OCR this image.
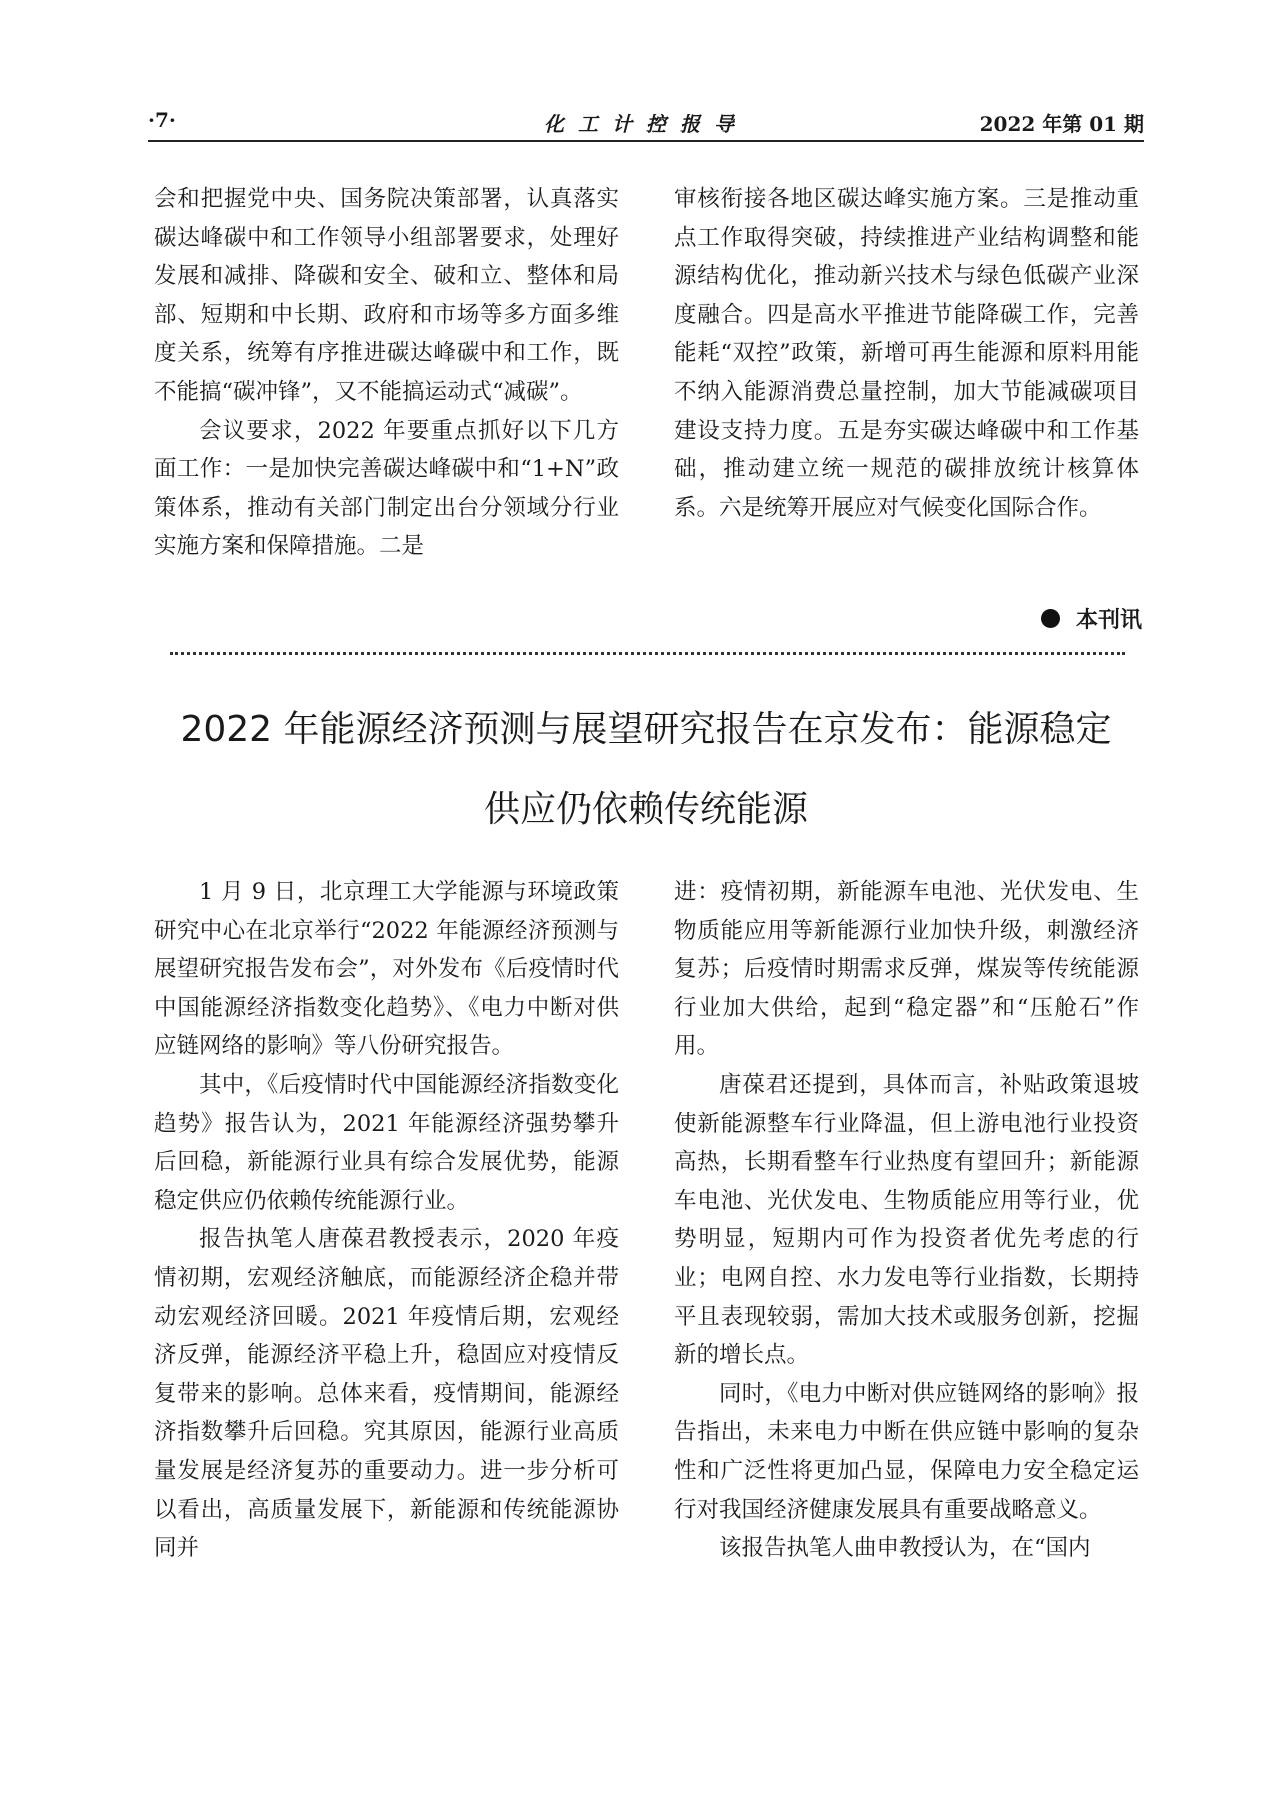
·7·	化工计控报导	2022 年第 01 期

会和把握党中央、国务院决策部署，认真落实碳达峰碳中和工作领导小组部署要求，处理好发展和减排、降碳和安全、破和立、整体和局部、短期和中长期、政府和市场等多方面多维度关系，统筹有序推进碳达峰碳中和工作，既不能搞“碳冲锋”，又不能搞运动式“减碳”。

会议要求，2022 年要重点抓好以下几方面工作：一是加快完善碳达峰碳中和“1+N”政策体系，推动有关部门制定出台分领域分行业实施方案和保障措施。二是

审核衔接各地区碳达峰实施方案。三是推动重点工作取得突破，持续推进产业结构调整和能源结构优化，推动新兴技术与绿色低碳产业深度融合。四是高水平推进节能降碳工作，完善能耗“双控”政策，新增可再生能源和原料用能不纳入能源消费总量控制，加大节能减碳项目建设支持力度。五是夯实碳达峰碳中和工作基础，推动建立统一规范的碳排放统计核算体系。六是统筹开展应对气候变化国际合作。

本刊讯
2022 年能源经济预测与展望研究报告在京发布：能源稳定
供应仍依赖传统能源

1 月 9 日，北京理工大学能源与环境政策研究中心在北京举行“2022 年能源经济预测与展望研究报告发布会”，对外发布《后疫情时代中国能源经济指数变化趋势》、《电力中断对供应链网络的影响》等八份研究报告。

其中，《后疫情时代中国能源经济指数变化趋势》报告认为，2021 年能源经济强势攀升后回稳，新能源行业具有综合发展优势，能源稳定供应仍依赖传统能源行业。

报告执笔人唐葆君教授表示，2020 年疫情初期，宏观经济触底，而能源经济企稳并带动宏观经济回暖。2021 年疫情后期，宏观经济反弹，能源经济平稳上升，稳固应对疫情反复带来的影响。总体来看，疫情期间，能源经济指数攀升后回稳。究其原因，能源行业高质量发展是经济复苏的重要动力。进一步分析可以看出，高质量发展下，新能源和传统能源协同并

进：疫情初期，新能源车电池、光伏发电、生物质能应用等新能源行业加快升级，刺激经济复苏；后疫情时期需求反弹，煤炭等传统能源行业加大供给，起到“稳定器”和“压舱石”作用。

唐葆君还提到，具体而言，补贴政策退坡使新能源整车行业降温，但上游电池行业投资高热，长期看整车行业热度有望回升；新能源车电池、光伏发电、生物质能应用等行业，优势明显，短期内可作为投资者优先考虑的行业；电网自控、水力发电等行业指数，长期持平且表现较弱，需加大技术或服务创新，挖掘新的增长点。

同时，《电力中断对供应链网络的影响》报告指出，未来电力中断在供应链中影响的复杂性和广泛性将更加凸显，保障电力安全稳定运行对我国经济健康发展具有重要战略意义。

该报告执笔人曲申教授认为，在“国内
